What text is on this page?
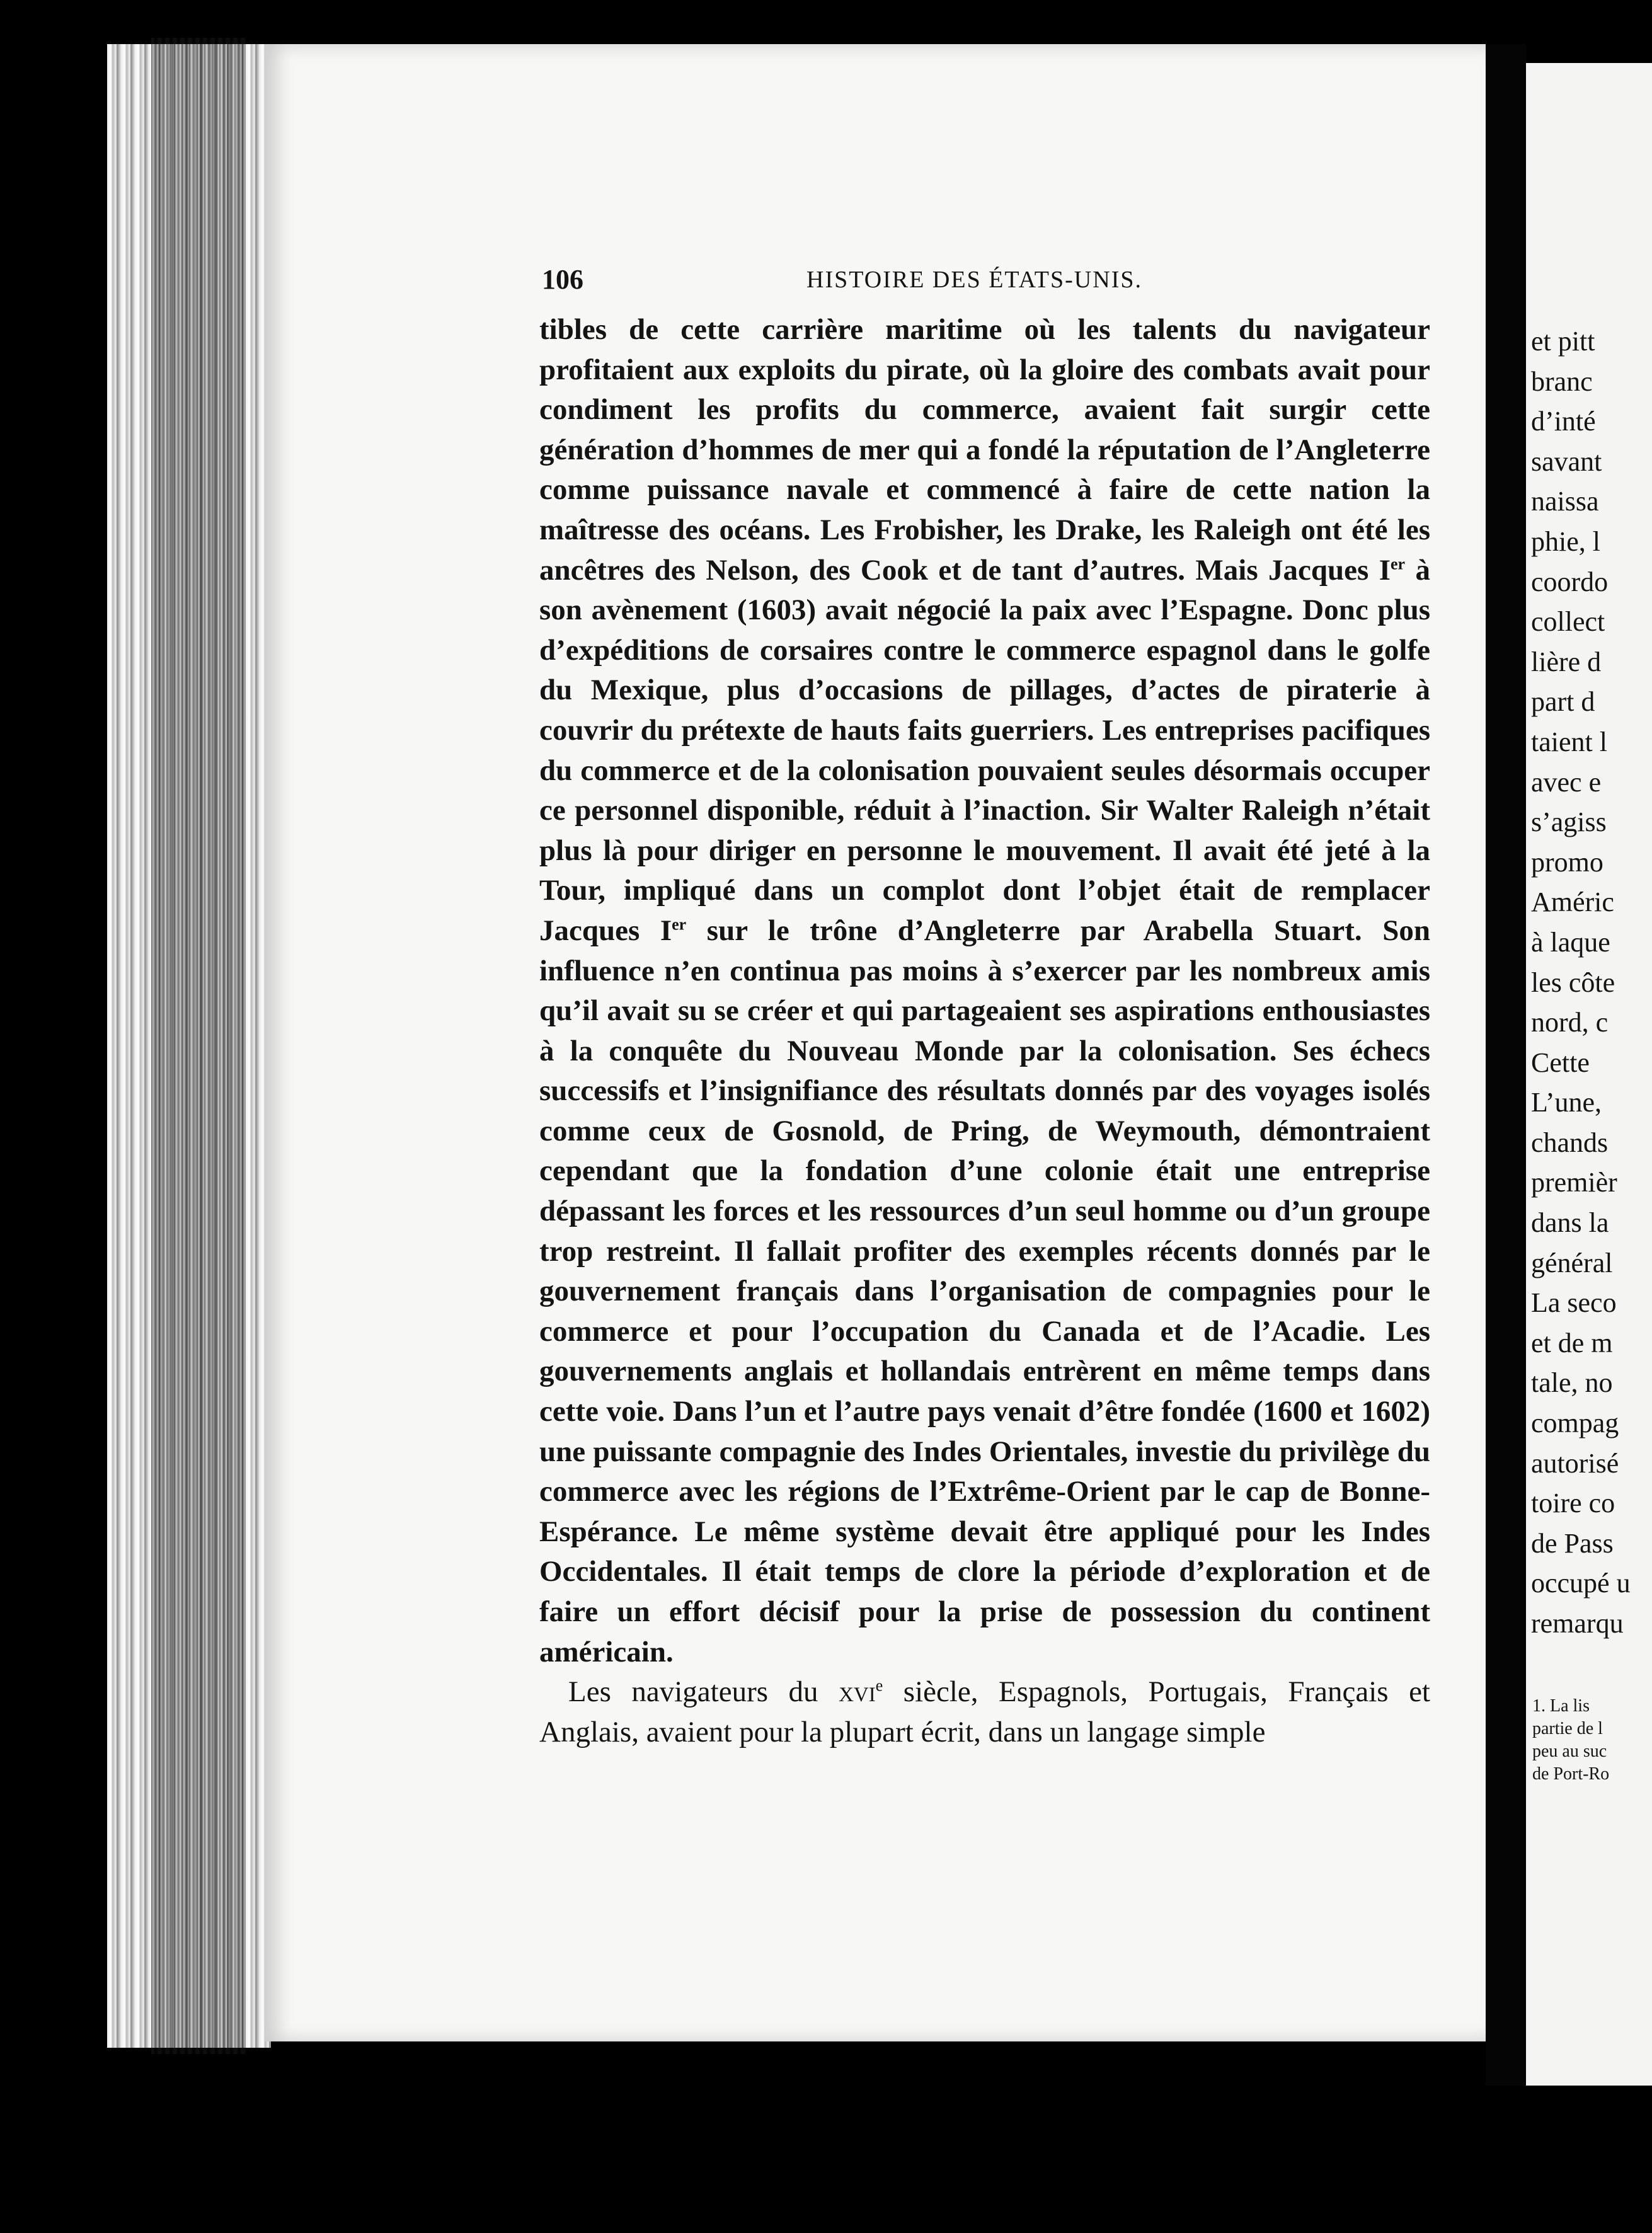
106	HISTOIRE DES ÉTATS-UNIS.

tibles de cette carrière maritime où les talents du navigateur profitaient aux exploits du pirate, où la gloire des combats avait pour condiment les profits du commerce, avaient fait surgir cette génération d’hommes de mer qui a fondé la réputation de l’Angleterre comme puissance navale et commencé à faire de cette nation la maîtresse des océans. Les Frobisher, les Drake, les Raleigh ont été les ancêtres des Nelson, des Cook et de tant d’autres. Mais Jacques Ier à son avènement (1603) avait négocié la paix avec l’Espagne. Donc plus d’expéditions de corsaires contre le commerce espagnol dans le golfe du Mexique, plus d’occasions de pillages, d’actes de piraterie à couvrir du prétexte de hauts faits guerriers. Les entreprises pacifiques du commerce et de la colonisation pouvaient seules désormais occuper ce personnel disponible, réduit à l’inaction. Sir Walter Raleigh n’était plus là pour diriger en personne le mouvement. Il avait été jeté à la Tour, impliqué dans un complot dont l’objet était de remplacer Jacques Ier sur le trône d’Angleterre par Arabella Stuart. Son influence n’en continua pas moins à s’exercer par les nombreux amis qu’il avait su se créer et qui partageaient ses aspirations enthousiastes à la conquête du Nouveau Monde par la colonisation. Ses échecs successifs et l’insignifiance des résultats donnés par des voyages isolés comme ceux de Gosnold, de Pring, de Weymouth, démontraient cependant que la fondation d’une colonie était une entreprise dépassant les forces et les ressources d’un seul homme ou d’un groupe trop restreint. Il fallait profiter des exemples récents donnés par le gouvernement français dans l’organisation de compagnies pour le commerce et pour l’occupation du Canada et de l’Acadie. Les gouvernements anglais et hollandais entrèrent en même temps dans cette voie. Dans l’un et l’autre pays venait d’être fondée (1600 et 1602) une puissante compagnie des Indes Orientales, investie du privilège du commerce avec les régions de l’Extrême-Orient par le cap de Bonne-Espérance. Le même système devait être appliqué pour les Indes Occidentales. Il était temps de clore la période d’exploration et de faire un effort décisif pour la prise de possession du continent américain.

Les navigateurs du xvi$^e$ siècle, Espagnols, Portugais, Français et Anglais, avaient pour la plupart écrit, dans un langage simple

et pitt
branc
d’inté
savant
naissa
phie, l
coordo
collect
lière d
part d
taient l
avec e
s’agiss
promo
Améric
à laque
les côte
nord, c
Cette
L’une,
chands
premièr
dans la
général
La seco
et de m
tale, no
compag
autorisé
toire co
de Pass
occupé u
remarqu
1. La lis
partie de l
peu au suc
de Port-Ro
